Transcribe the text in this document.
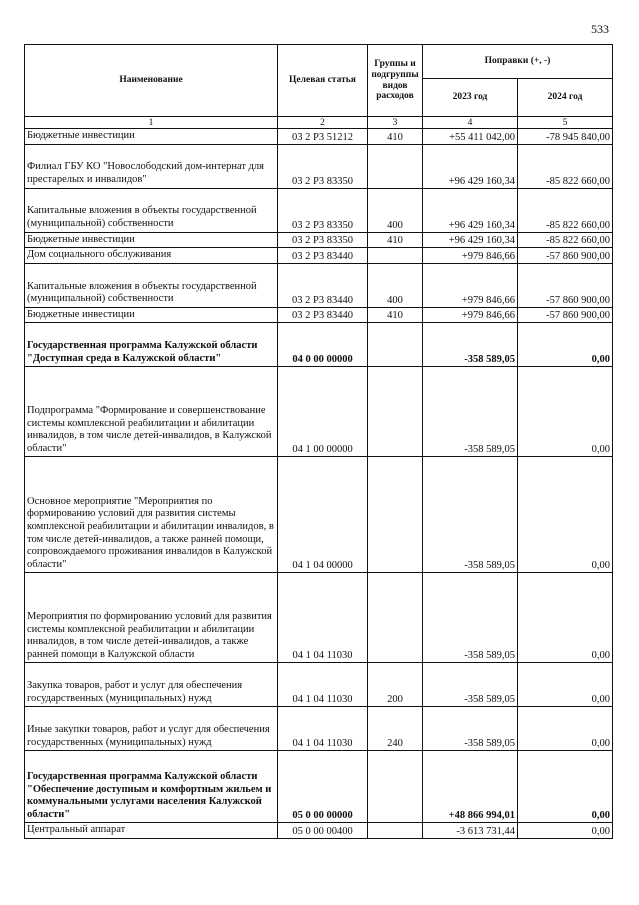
533
Наименование	Целевая статья	Группы и подгруппы видов расходов	Поправки (+, -)	
			2023 год	2024 год
1	2	3	4	5
Бюджетные инвестиции	03 2 P3 51212	410	+55 411 042,00	-78 945 840,00
Филиал ГБУ КО "Новослободский дом-интернат для престарелых и инвалидов"	03 2 P3 83350		+96 429 160,34	-85 822 660,00
Капитальные вложения в объекты государственной (муниципальной) собственности	03 2 P3 83350	400	+96 429 160,34	-85 822 660,00
Бюджетные инвестиции	03 2 P3 83350	410	+96 429 160,34	-85 822 660,00
Дом социального обслуживания	03 2 P3 83440		+979 846,66	-57 860 900,00
Капитальные вложения в объекты государственной (муниципальной) собственности	03 2 P3 83440	400	+979 846,66	-57 860 900,00
Бюджетные инвестиции	03 2 P3 83440	410	+979 846,66	-57 860 900,00
Государственная программа Калужской области "Доступная среда в Калужской области"	04 0 00 00000		-358 589,05	0,00
Подпрограмма "Формирование и совершенствование системы комплексной реабилитации и абилитации инвалидов, в том числе детей-инвалидов, в Калужской области"	04 1 00 00000		-358 589,05	0,00
Основное мероприятие "Мероприятия по формированию условий для развития системы комплексной реабилитации и абилитации инвалидов, в том числе детей-инвалидов, а также ранней помощи, сопровождаемого проживания инвалидов в Калужской области"	04 1 04 00000		-358 589,05	0,00
Мероприятия по формированию условий для развития системы комплексной реабилитации и абилитации инвалидов, в том числе детей-инвалидов, а также ранней помощи в Калужской области	04 1 04 11030		-358 589,05	0,00
Закупка товаров, работ и услуг для обеспечения государственных (муниципальных) нужд	04 1 04 11030	200	-358 589,05	0,00
Иные закупки товаров, работ и услуг для обеспечения государственных (муниципальных) нужд	04 1 04 11030	240	-358 589,05	0,00
Государственная программа Калужской области "Обеспечение доступным и комфортным жильем и коммунальными услугами населения Калужской области"	05 0 00 00000		+48 866 994,01	0,00
Центральный аппарат	05 0 00 00400		-3 613 731,44	0,00
